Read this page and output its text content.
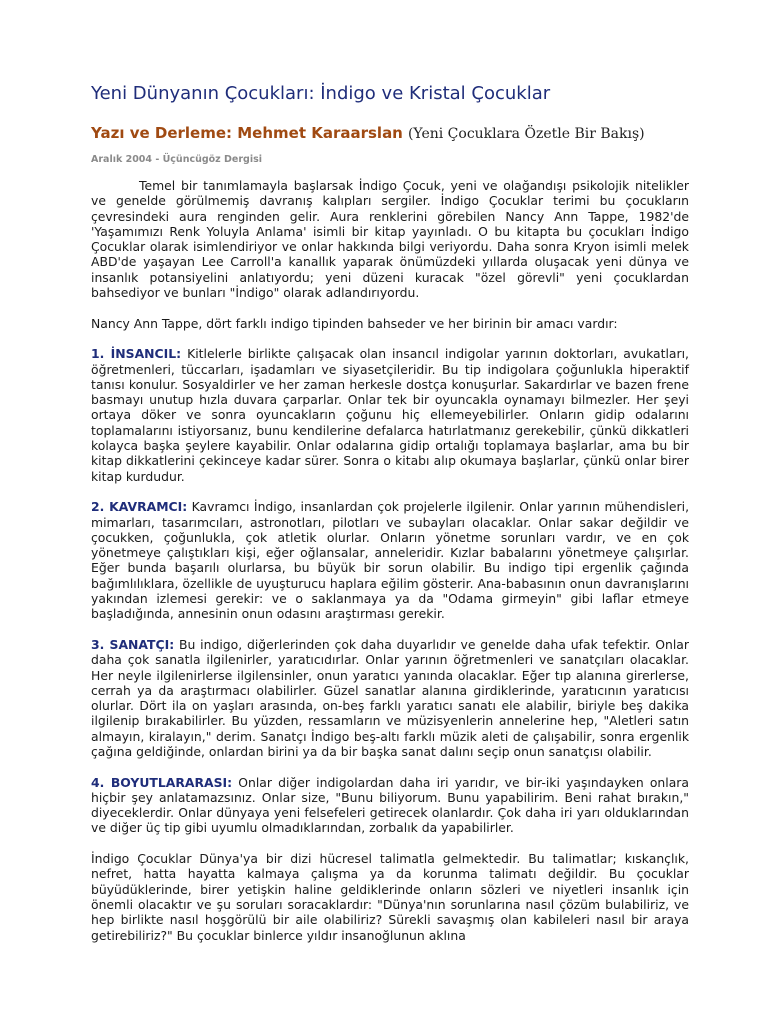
Yeni Dünyanın Çocukları: İndigo ve Kristal Çocuklar
Yazı ve Derleme: Mehmet Karaarslan (Yeni Çocuklara Özetle Bir Bakış)
Aralık 2004 - Üçüncügöz Dergisi

Temel bir tanımlamayla başlarsak İndigo Çocuk, yeni ve olağandışı psikolojik nitelikler ve genelde görülmemiş davranış kalıpları sergiler. İndigo Çocuklar terimi bu çocukların çevresindeki aura renginden gelir. Aura renklerini görebilen Nancy Ann Tappe, 1982'de 'Yaşamımızı Renk Yoluyla Anlama' isimli bir kitap yayınladı. O bu kitapta bu çocukları İndigo Çocuklar olarak isimlendiriyor ve onlar hakkında bilgi veriyordu. Daha sonra Kryon isimli melek ABD'de yaşayan Lee Carroll'a kanallık yaparak önümüzdeki yıllarda oluşacak yeni dünya ve insanlık potansiyelini anlatıyordu; yeni düzeni kuracak "özel görevli" yeni çocuklardan bahsediyor ve bunları "İndigo" olarak adlandırıyordu.

Nancy Ann Tappe, dört farklı indigo tipinden bahseder ve her birinin bir amacı vardır:

1. İNSANCIL: Kitlelerle birlikte çalışacak olan insancıl indigolar yarının doktorları, avukatları, öğretmenleri, tüccarları, işadamları ve siyasetçileridir. Bu tip indigolara çoğunlukla hiperaktif tanısı konulur. Sosyaldirler ve her zaman herkesle dostça konuşurlar. Sakardırlar ve bazen frene basmayı unutup hızla duvara çarparlar. Onlar tek bir oyuncakla oynamayı bilmezler. Her şeyi ortaya döker ve sonra oyuncakların çoğunu hiç ellemeyebilirler. Onların gidip odalarını toplamalarını istiyorsanız, bunu kendilerine defalarca hatırlatmanız gerekebilir, çünkü dikkatleri kolayca başka şeylere kayabilir. Onlar odalarına gidip ortalığı toplamaya başlarlar, ama bu bir kitap dikkatlerini çekinceye kadar sürer. Sonra o kitabı alıp okumaya başlarlar, çünkü onlar birer kitap kurdudur.

2. KAVRAMCI: Kavramcı İndigo, insanlardan çok projelerle ilgilenir. Onlar yarının mühendisleri, mimarları, tasarımcıları, astronotları, pilotları ve subayları olacaklar. Onlar sakar değildir ve çocukken, çoğunlukla, çok atletik olurlar. Onların yönetme sorunları vardır, ve en çok yönetmeye çalıştıkları kişi, eğer oğlansalar, anneleridir. Kızlar babalarını yönetmeye çalışırlar. Eğer bunda başarılı olurlarsa, bu büyük bir sorun olabilir. Bu indigo tipi ergenlik çağında bağımlılıklara, özellikle de uyuşturucu haplara eğilim gösterir. Ana-babasının onun davranışlarını yakından izlemesi gerekir: ve o saklanmaya ya da "Odama girmeyin" gibi laflar etmeye başladığında, annesinin onun odasını araştırması gerekir.

3. SANATÇI: Bu indigo, diğerlerinden çok daha duyarlıdır ve genelde daha ufak tefektir. Onlar daha çok sanatla ilgilenirler, yaratıcıdırlar. Onlar yarının öğretmenleri ve sanatçıları olacaklar. Her neyle ilgilenirlerse ilgilensinler, onun yaratıcı yanında olacaklar. Eğer tıp alanına girerlerse, cerrah ya da araştırmacı olabilirler. Güzel sanatlar alanına girdiklerinde, yaratıcının yaratıcısı olurlar. Dört ila on yaşları arasında, on-beş farklı yaratıcı sanatı ele alabilir, biriyle beş dakika ilgilenip bırakabilirler. Bu yüzden, ressamların ve müzisyenlerin annelerine hep, "Aletleri satın almayın, kiralayın," derim. Sanatçı İndigo beş-altı farklı müzik aleti de çalışabilir, sonra ergenlik çağına geldiğinde, onlardan birini ya da bir başka sanat dalını seçip onun sanatçısı olabilir.

4. BOYUTLARARASI: Onlar diğer indigolardan daha iri yarıdır, ve bir-iki yaşındayken onlara hiçbir şey anlatamazsınız. Onlar size, "Bunu biliyorum. Bunu yapabilirim. Beni rahat bırakın," diyeceklerdir. Onlar dünyaya yeni felsefeleri getirecek olanlardır. Çok daha iri yarı olduklarından ve diğer üç tip gibi uyumlu olmadıklarından, zorbalık da yapabilirler.

İndigo Çocuklar Dünya'ya bir dizi hücresel talimatla gelmektedir. Bu talimatlar; kıskançlık, nefret, hatta hayatta kalmaya çalışma ya da korunma talimatı değildir. Bu çocuklar büyüdüklerinde, birer yetişkin haline geldiklerinde onların sözleri ve niyetleri insanlık için önemli olacaktır ve şu soruları soracaklardır: "Dünya'nın sorunlarına nasıl çözüm bulabiliriz, ve hep birlikte nasıl hoşgörülü bir aile olabiliriz? Sürekli savaşmış olan kabileleri nasıl bir araya getirebiliriz?" Bu çocuklar binlerce yıldır insanoğlunun aklına
